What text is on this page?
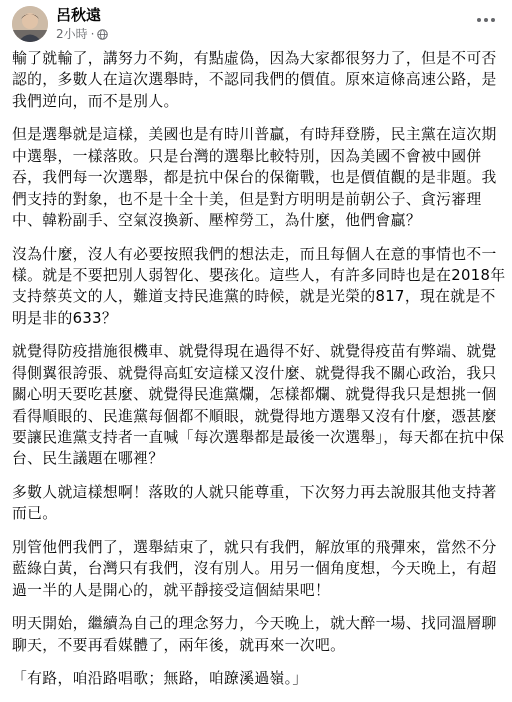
呂秋遠
2小時 ·

輸了就輸了，講努力不夠，有點虛偽，因為大家都很努力了，但是不可否認的，多數人在這次選舉時，不認同我們的價值。原來這條高速公路，是我們逆向，而不是別人。

但是選舉就是這樣，美國也是有時川普贏，有時拜登勝，民主黨在這次期中選舉，一樣落敗。只是台灣的選舉比較特別，因為美國不會被中國併吞，我們每一次選舉，都是抗中保台的保衛戰，也是價值觀的是非題。我們支持的對象，也不是十全十美，但是對方明明是前朝公子、貪污審理中、韓粉副手、空氣沒換新、壓榨勞工，為什麼，他們會贏？

沒為什麼，沒人有必要按照我們的想法走，而且每個人在意的事情也不一樣。就是不要把別人弱智化、嬰孩化。這些人，有許多同時也是在2018年支持蔡英文的人，難道支持民進黨的時候，就是光榮的817，現在就是不明是非的633？

就覺得防疫措施很機車、就覺得現在過得不好、就覺得疫苗有弊端、就覺得側翼很誇張、就覺得高虹安這樣又沒什麼、就覺得我不關心政治，我只關心明天要吃甚麼、就覺得民進黨爛，怎樣都爛、就覺得我只是想挑一個看得順眼的、民進黨每個都不順眼，就覺得地方選舉又沒有什麼，憑甚麼要讓民進黨支持者一直喊「每次選舉都是最後一次選舉」，每天都在抗中保台、民生議題在哪裡？

多數人就這樣想啊！落敗的人就只能尊重，下次努力再去說服其他支持著而已。

別管他們我們了，選舉結束了，就只有我們，解放軍的飛彈來，當然不分藍綠白黃，台灣只有我們，沒有別人。用另一個角度想，今天晚上，有超過一半的人是開心的，就平靜接受這個結果吧！

明天開始，繼續為自己的理念努力，今天晚上，就大醉一場、找同溫層聊聊天，不要再看媒體了，兩年後，就再來一次吧。

「有路，咱沿路唱歌；無路，咱蹽溪過嶺。」
